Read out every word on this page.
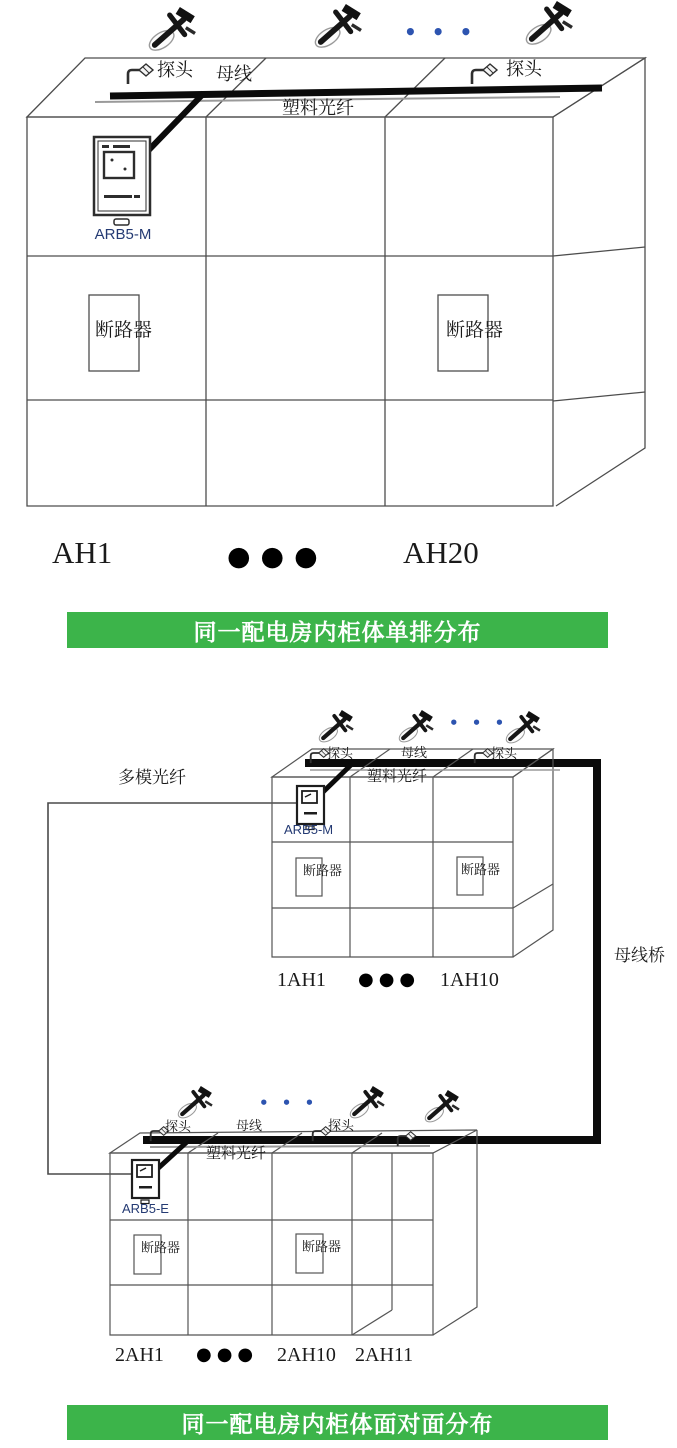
• • •
探头 母线	探头
塑料光纤
ARB5-M
断路器	断路器
AH1	●●● AH20
同一配电房内柜体单排分布
多模光纤
• • •
探头	母线	探头
塑料光纤
ARB5-M
断路器	断路器
1AH1 ●●● 1AH10
母线桥
• • •
探头	母线	探头
塑料光纤
ARB5-E
断路器	断路器
2AH1 ●●● 2AH10 2AH11
同一配电房内柜体面对面分布
